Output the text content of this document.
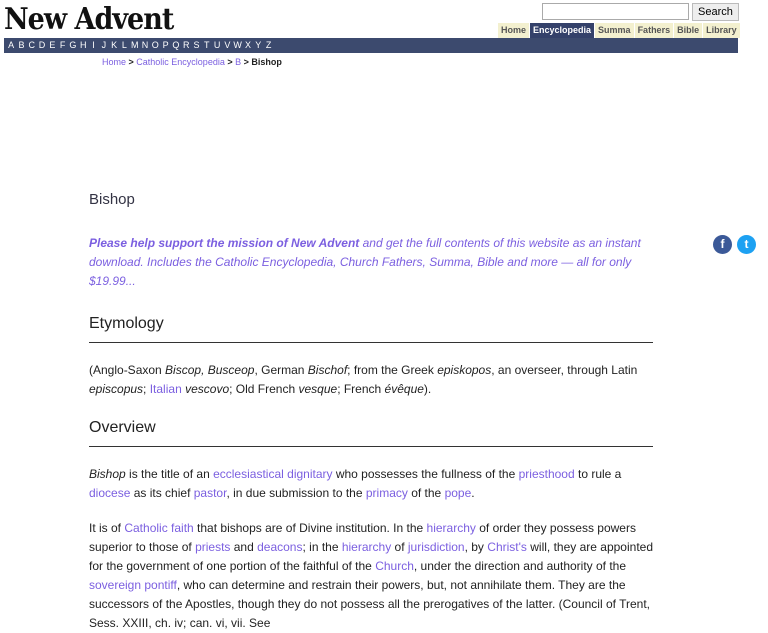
New Advent	Search
Home Encyclopedia Summa Fathers Bible Library
A B C D E F G H I J K L M N O P Q R S T U V W X Y Z
Home > Catholic Encyclopedia > B > Bishop
f	t
Bishop

Please help support the mission of New Advent and get the full contents of this website as an instant download. Includes the Catholic Encyclopedia, Church Fathers, Summa, Bible and more — all for only $19.99...

Etymology

(Anglo-Saxon Biscop, Busceop, German Bischof; from the Greek episkopos, an overseer, through Latin episcopus; Italian vescovo; Old French vesque; French évêque).

Overview

Bishop is the title of an ecclesiastical dignitary who possesses the fullness of the priesthood to rule a diocese as its chief pastor, in due submission to the primacy of the pope.

It is of Catholic faith that bishops are of Divine institution. In the hierarchy of order they possess powers superior to those of priests and deacons; in the hierarchy of jurisdiction, by Christ's will, they are appointed for the government of one portion of the faithful of the Church, under the direction and authority of the sovereign pontiff, who can determine and restrain their powers, but, not annihilate them. They are the successors of the Apostles, though they do not possess all the prerogatives of the latter. (Council of Trent, Sess. XXIII, ch. iv; can. vi, vii. See
